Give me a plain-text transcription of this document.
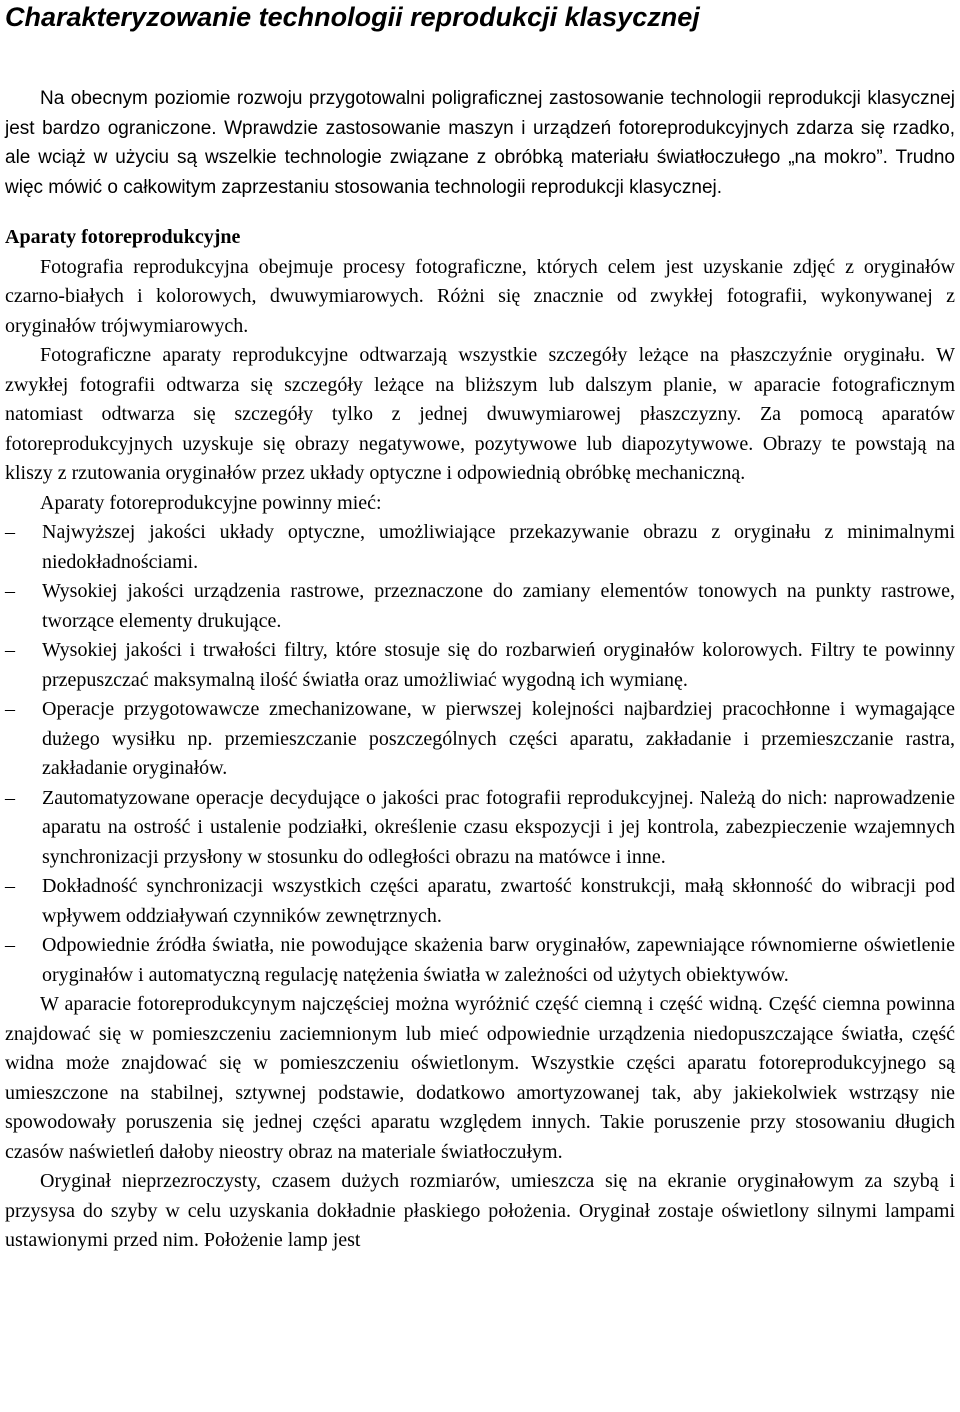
Charakteryzowanie technologii reprodukcji klasycznej

Na obecnym poziomie rozwoju przygotowalni poligraficznej zastosowanie technologii reprodukcji klasycznej jest bardzo ograniczone. Wprawdzie zastosowanie maszyn i urządzeń fotoreprodukcyjnych zdarza się rzadko, ale wciąż w użyciu są wszelkie technologie związane z obróbką materiału światłoczułego „na mokro”. Trudno więc mówić o całkowitym zaprzestaniu stosowania technologii reprodukcji klasycznej.

Aparaty fotoreprodukcyjne

Fotografia reprodukcyjna obejmuje procesy fotograficzne, których celem jest uzyskanie zdjęć z oryginałów czarno-białych i kolorowych, dwuwymiarowych. Różni się znacznie od zwykłej fotografii, wykonywanej z oryginałów trójwymiarowych.

Fotograficzne aparaty reprodukcyjne odtwarzają wszystkie szczegóły leżące na płaszczyźnie oryginału. W zwykłej fotografii odtwarza się szczegóły leżące na bliższym lub dalszym planie, w aparacie fotograficznym natomiast odtwarza się szczegóły tylko z jednej dwuwymiarowej płaszczyzny. Za pomocą aparatów fotoreprodukcyjnych uzyskuje się obrazy negatywowe, pozytywowe lub diapozytywowe. Obrazy te powstają na kliszy z rzutowania oryginałów przez układy optyczne i odpowiednią obróbkę mechaniczną.

Aparaty fotoreprodukcyjne powinny mieć:

–	Najwyższej jakości układy optyczne, umożliwiające przekazywanie obrazu z oryginału z minimalnymi niedokładnościami.
–	Wysokiej jakości urządzenia rastrowe, przeznaczone do zamiany elementów tonowych na punkty rastrowe, tworzące elementy drukujące.
–	Wysokiej jakości i trwałości filtry, które stosuje się do rozbarwień oryginałów kolorowych. Filtry te powinny przepuszczać maksymalną ilość światła oraz umożliwiać wygodną ich wymianę.
–	Operacje przygotowawcze zmechanizowane, w pierwszej kolejności najbardziej pracochłonne i wymagające dużego wysiłku np. przemieszczanie poszczególnych części aparatu, zakładanie i przemieszczanie rastra, zakładanie oryginałów.
–	Zautomatyzowane operacje decydujące o jakości prac fotografii reprodukcyjnej. Należą do nich: naprowadzenie aparatu na ostrość i ustalenie podziałki, określenie czasu ekspozycji i jej kontrola, zabezpieczenie wzajemnych synchronizacji przysłony w stosunku do odległości obrazu na matówce i inne.
–	Dokładność synchronizacji wszystkich części aparatu, zwartość konstrukcji, małą skłonność do wibracji pod wpływem oddziaływań czynników zewnętrznych.
–	Odpowiednie źródła światła, nie powodujące skażenia barw oryginałów, zapewniające równomierne oświetlenie oryginałów i automatyczną regulację natężenia światła w zależności od użytych obiektywów.

W aparacie fotoreprodukcynym najczęściej można wyróżnić część ciemną i część widną. Część ciemna powinna znajdować się w pomieszczeniu zaciemnionym lub mieć odpowiednie urządzenia niedopuszczające światła, część widna może znajdować się w pomieszczeniu oświetlonym. Wszystkie części aparatu fotoreprodukcyjnego są umieszczone na stabilnej, sztywnej podstawie, dodatkowo amortyzowanej tak, aby jakiekolwiek wstrząsy nie spowodowały poruszenia się jednej części aparatu względem innych. Takie poruszenie przy stosowaniu długich czasów naświetleń dałoby nieostry obraz na materiale światłoczułym.

Oryginał nieprzezroczysty, czasem dużych rozmiarów, umieszcza się na ekranie oryginałowym za szybą i przysysa do szyby w celu uzyskania dokładnie płaskiego położenia. Oryginał zostaje oświetlony silnymi lampami ustawionymi przed nim. Położenie lamp jest
